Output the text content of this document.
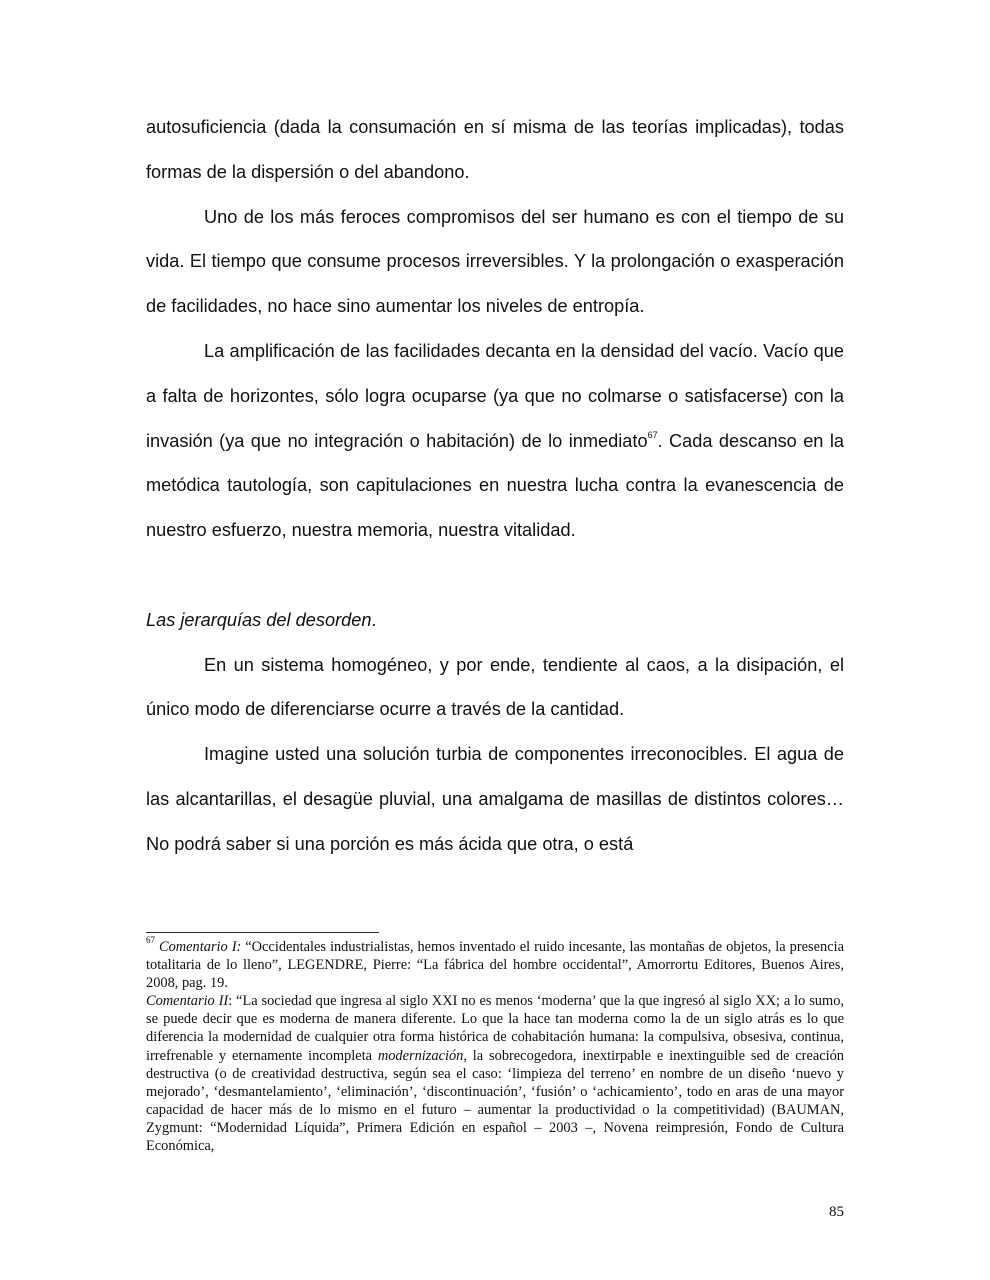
autosuficiencia (dada la consumación en sí misma de las teorías implicadas), todas formas de la dispersión o del abandono.

Uno de los más feroces compromisos del ser humano es con el tiempo de su vida. El tiempo que consume procesos irreversibles. Y la prolongación o exasperación de facilidades, no hace sino aumentar los niveles de entropía.

La amplificación de las facilidades decanta en la densidad del vacío. Vacío que a falta de horizontes, sólo logra ocuparse (ya que no colmarse o satisfacerse) con la invasión (ya que no integración o habitación) de lo inmediato$^{67}$. Cada descanso en la metódica tautología, son capitulaciones en nuestra lucha contra la evanescencia de nuestro esfuerzo, nuestra memoria, nuestra vitalidad.

Las jerarquías del desorden.

En un sistema homogéneo, y por ende, tendiente al caos, a la disipación, el único modo de diferenciarse ocurre a través de la cantidad.

Imagine usted una solución turbia de componentes irreconocibles. El agua de las alcantarillas, el desagüe pluvial, una amalgama de masillas de distintos colores… No podrá saber si una porción es más ácida que otra, o está

$^{67}$ Comentario I: “Occidentales industrialistas, hemos inventado el ruido incesante, las montañas de objetos, la presencia totalitaria de lo lleno”, LEGENDRE, Pierre: “La fábrica del hombre occidental”, Amorrortu Editores, Buenos Aires, 2008, pag. 19.

Comentario II: “La sociedad que ingresa al siglo XXI no es menos ‘moderna’ que la que ingresó al siglo XX; a lo sumo, se puede decir que es moderna de manera diferente. Lo que la hace tan moderna como la de un siglo atrás es lo que diferencia la modernidad de cualquier otra forma histórica de cohabitación humana: la compulsiva, obsesiva, continua, irrefrenable y eternamente incompleta modernización, la sobrecogedora, inextirpable e inextinguible sed de creación destructiva (o de creatividad destructiva, según sea el caso: ‘limpieza del terreno’ en nombre de un diseño ‘nuevo y mejorado’, ‘desmantelamiento’, ‘eliminación’, ‘discontinuación’, ‘fusión’ o ‘achicamiento’, todo en aras de una mayor capacidad de hacer más de lo mismo en el futuro – aumentar la productividad o la competitividad) (BAUMAN, Zygmunt: “Modernidad Líquida”, Primera Edición en español – 2003 –, Novena reimpresión, Fondo de Cultura Económica,

85
